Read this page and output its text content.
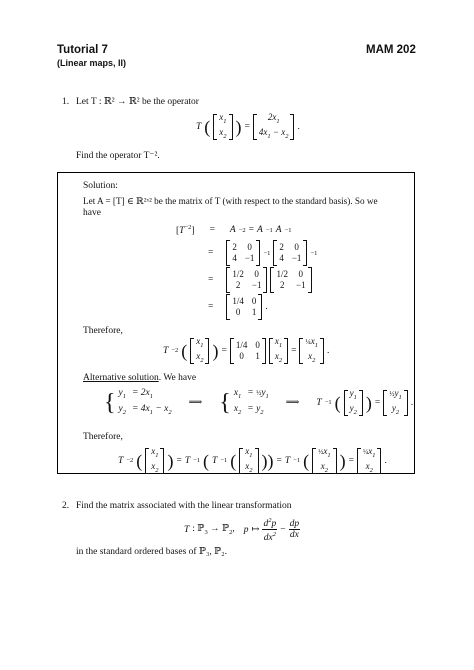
Tutorial 7
(Linear maps, II)
MAM 202
1. Let T : ℝ² → ℝ² be the operator
T ( $x_1$
$x_2$ ) =
$2x_1$
$4x_1 - x_2$
.
Find the operator T⁻².
Solution:
Let A = [T] ∈ ℝ²ˣ² be the matrix of T (with respect to the standard basis). So we
have
$[T^{-2}] = A -2 = A -1$ A −1
=
2 0
4 −1 −1
2 0
4 −1 −1
=
1/2 0
2	−1
1/2 0
2	−1
=
1/4 0
0	1 .
Therefore,
T −2 ( $x_1$
$x_2$ ) =
1/4 0
0	1
$x_1$
$x_2$
=
$\frac{1}{4}x_1$
$x_2$
.
Alternative solution. We have
{ $y_1 = 2x_1$
$y_2 = 4x_1 - x_2$
⟹ { $x_1$ = $\frac{1}{2}y_1$
$x_2 = y_2$
⟹ T −1 ( $y_1$
$y_2$ ) =
$\frac{1}{2}y_1$
$y_2$
.
Therefore,
T −2 ( $x_1$
$x_2$ ) = T −1 ( T −1 ( $x_1$
$x_2$ )) = T −1 ( $\frac{1}{2}x_1$
$x_2$ ) =
$\frac{1}{4}x_1$
$x_2$
.
2. Find the matrix associated with the linear transformation
T : ℙ$_3$ → ℙ$_2$, p ↦
$d^2p$
$dx^2 - \frac{dp}{dx}$
in the standard ordered bases of ℙ₃, ℙ₂.
